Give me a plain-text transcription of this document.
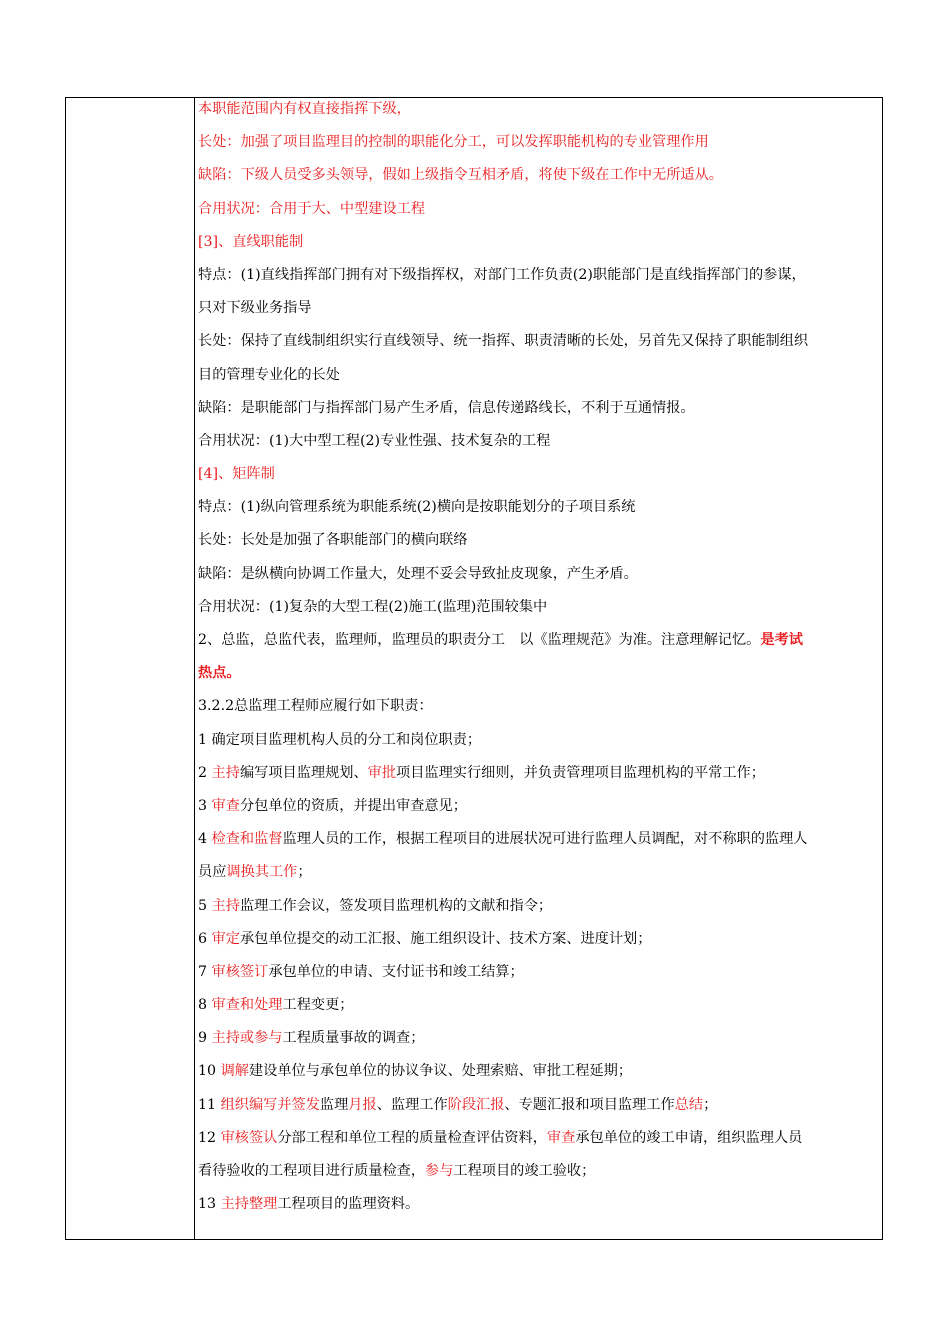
本职能范围内有权直接指挥下级，
长处：加强了项目监理目的控制的职能化分工，可以发挥职能机构的专业管理作用
缺陷：下级人员受多头领导，假如上级指令互相矛盾，将使下级在工作中无所适从。
合用状况：合用于大、中型建设工程
[3]、直线职能制
特点：(1)直线指挥部门拥有对下级指挥权，对部门工作负责(2)职能部门是直线指挥部门的参谋，
只对下级业务指导
长处：保持了直线制组织实行直线领导、统一指挥、职责清晰的长处，另首先又保持了职能制组织
目的管理专业化的长处
缺陷：是职能部门与指挥部门易产生矛盾，信息传递路线长，不利于互通情报。
合用状况：(1)大中型工程(2)专业性强、技术复杂的工程
[4]、矩阵制
特点：(1)纵向管理系统为职能系统(2)横向是按职能划分的子项目系统
长处：长处是加强了各职能部门的横向联络
缺陷：是纵横向协调工作量大，处理不妥会导致扯皮现象，产生矛盾。
合用状况：(1)复杂的大型工程(2)施工(监理)范围较集中
2、总监，总监代表，监理师，监理员的职责分工　以《监理规范》为准。注意理解记忆。是考试
热点。
3.2.2总监理工程师应履行如下职责：
1 确定项目监理机构人员的分工和岗位职责；
2 主持编写项目监理规划、审批项目监理实行细则，并负责管理项目监理机构的平常工作；
3 审查分包单位的资质，并提出审查意见；
4 检查和监督监理人员的工作，根据工程项目的进展状况可进行监理人员调配，对不称职的监理人
员应调换其工作；
5 主持监理工作会议，签发项目监理机构的文献和指令；
6 审定承包单位提交的动工汇报、施工组织设计、技术方案、进度计划；
7 审核签订承包单位的申请、支付证书和竣工结算；
8 审查和处理工程变更；
9 主持或参与工程质量事故的调查；
10 调解建设单位与承包单位的协议争议、处理索赔、审批工程延期；
11 组织编写并签发监理月报、监理工作阶段汇报、专题汇报和项目监理工作总结；
12 审核签认分部工程和单位工程的质量检查评估资料，审查承包单位的竣工申请，组织监理人员
看待验收的工程项目进行质量检查，参与工程项目的竣工验收；
13 主持整理工程项目的监理资料。
